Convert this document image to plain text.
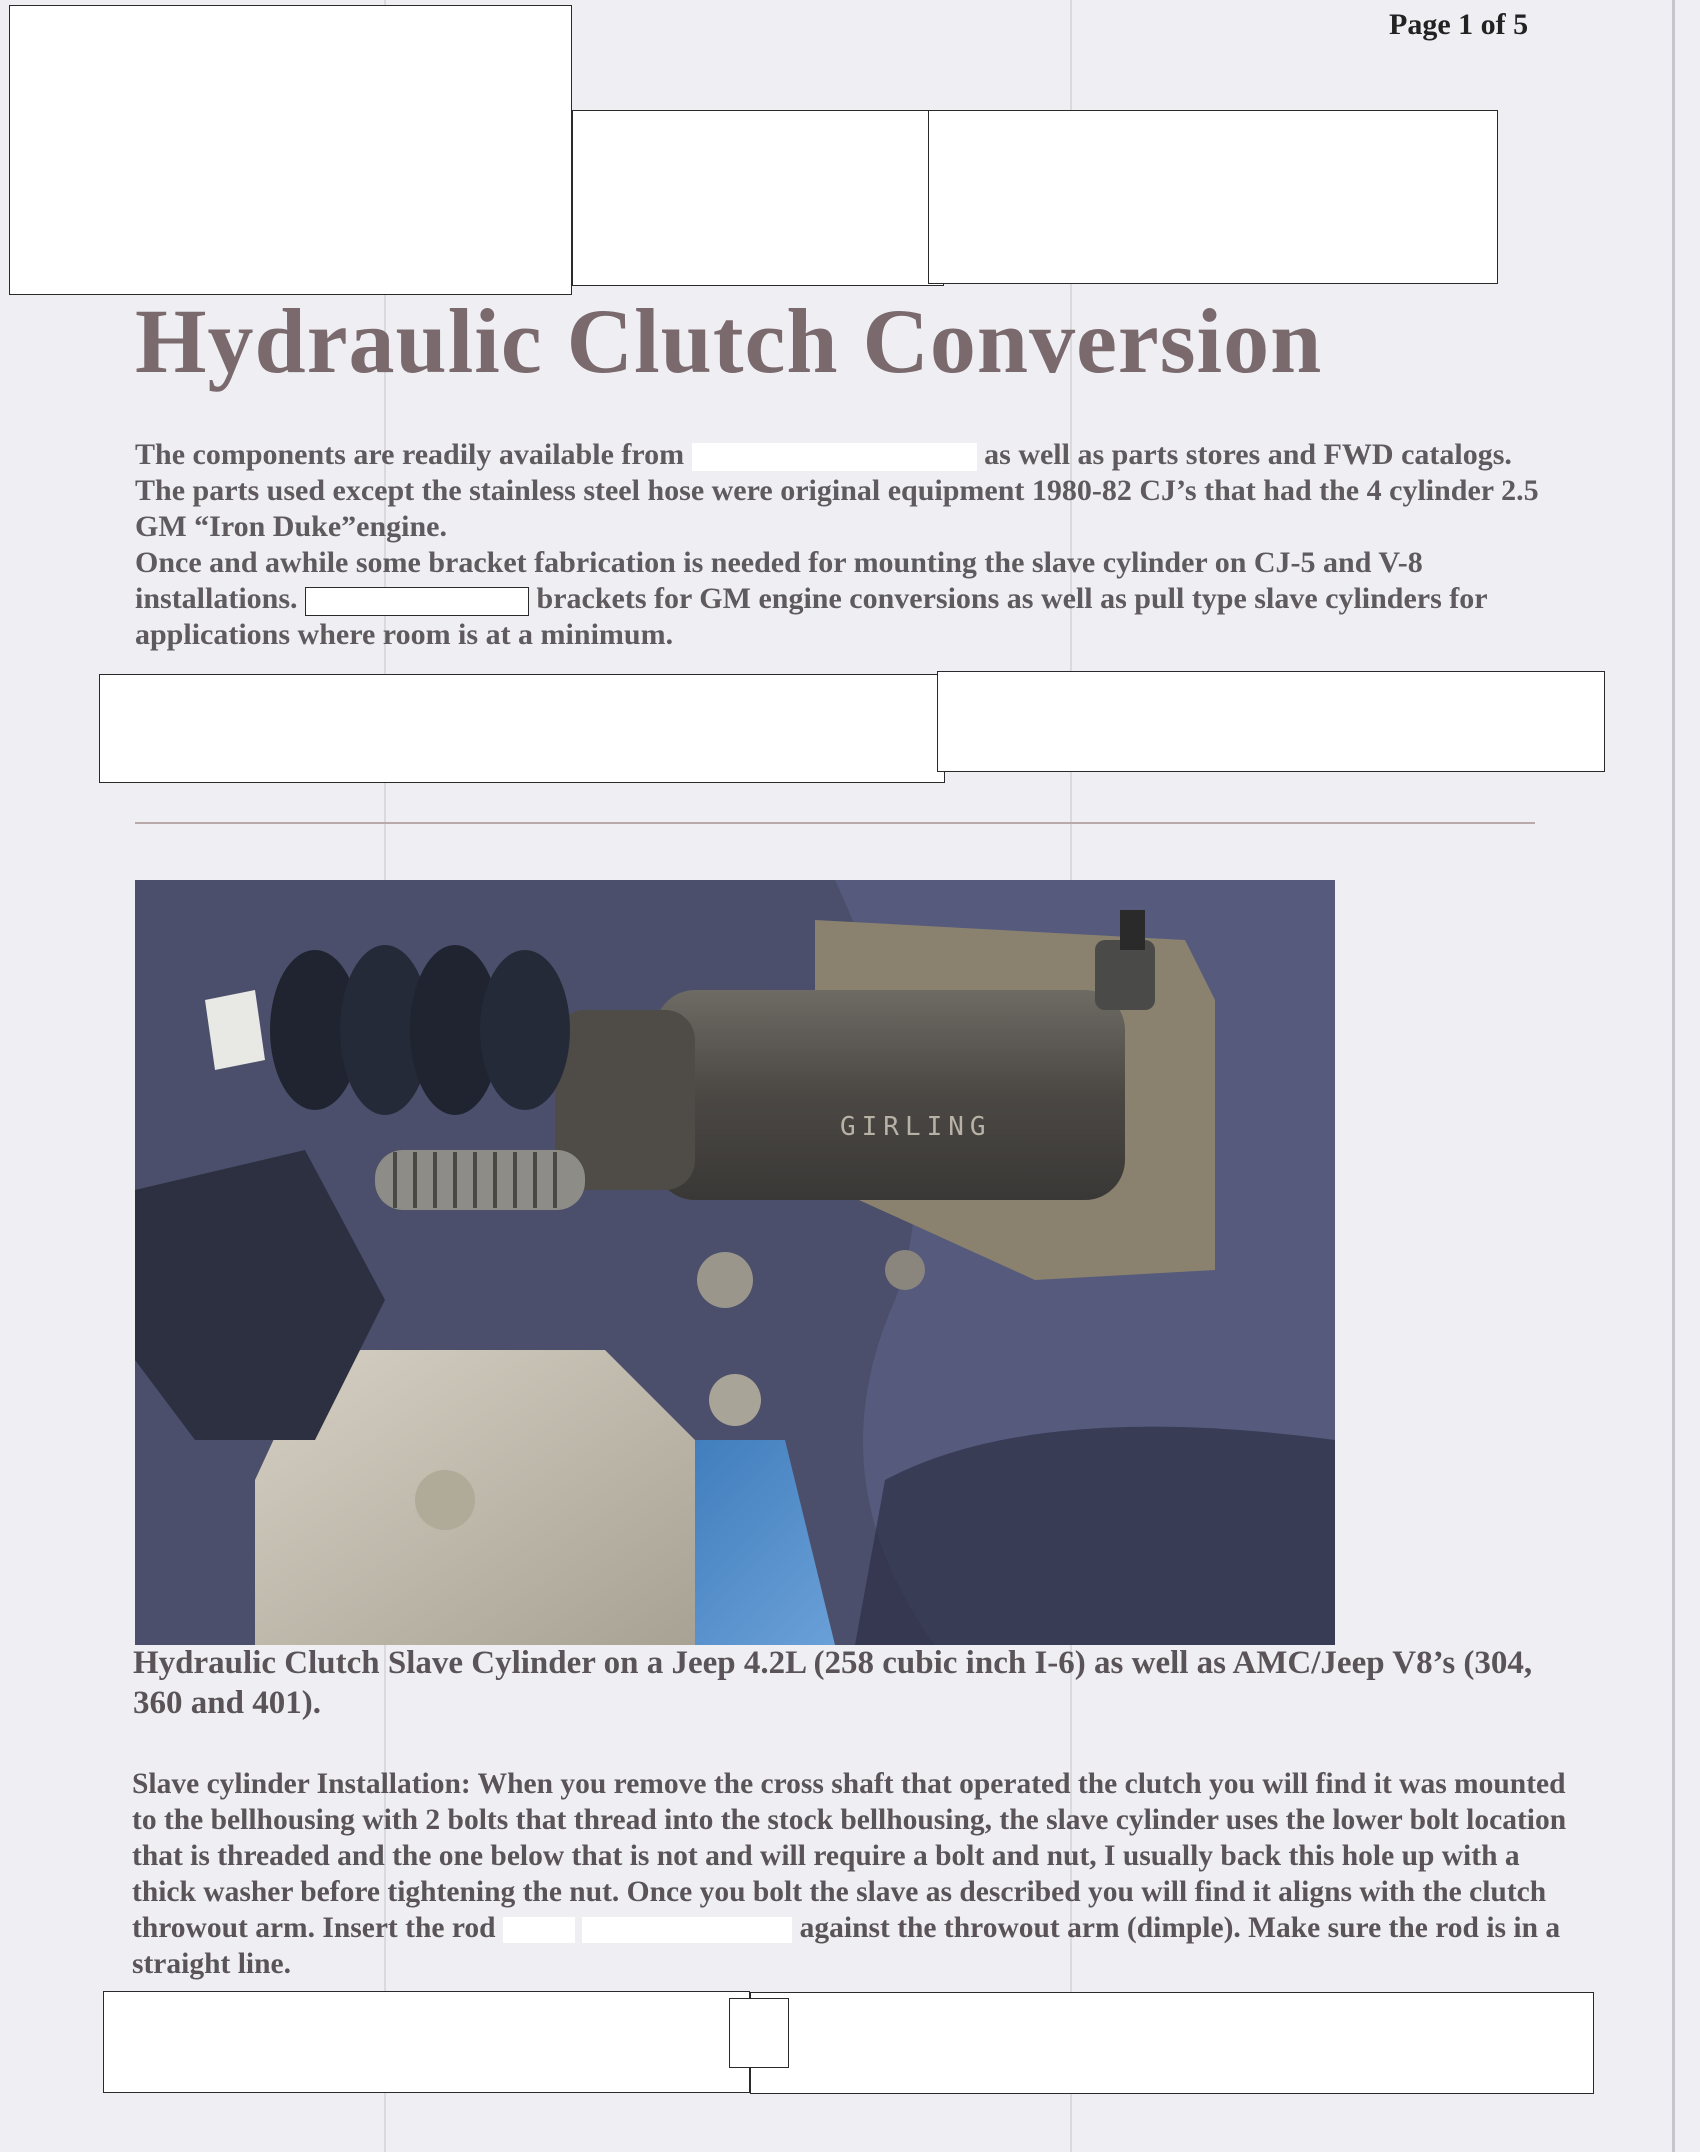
Page 1 of 5
Hydraulic Clutch Conversion

The components are readily available from	as well as parts stores and FWD catalogs. The parts used except the stainless steel hose were original equipment 1980-82 CJ’s that had the 4 cylinder 2.5 GM “Iron Duke”engine.

Once and awhile some bracket fabrication is needed for mounting the slave cylinder on CJ-5 and V-8 installations.	brackets for GM engine conversions as well as pull type slave cylinders for applications where room is at a minimum.

GIRLING

Hydraulic Clutch Slave Cylinder on a Jeep 4.2L (258 cubic inch I-6) as well as AMC/Jeep V8’s (304, 360 and 401).

Slave cylinder Installation: When you remove the cross shaft that operated the clutch you will find it was mounted to the bellhousing with 2 bolts that thread into the stock bellhousing, the slave cylinder uses the lower bolt location that is threaded and the one below that is not and will require a bolt and nut, I usually back this hole up with a thick washer before tightening the nut. Once you bolt the slave as described you will find it aligns with the clutch throwout arm. Insert the rod	against the throwout arm (dimple). Make sure the rod is in a straight line.
